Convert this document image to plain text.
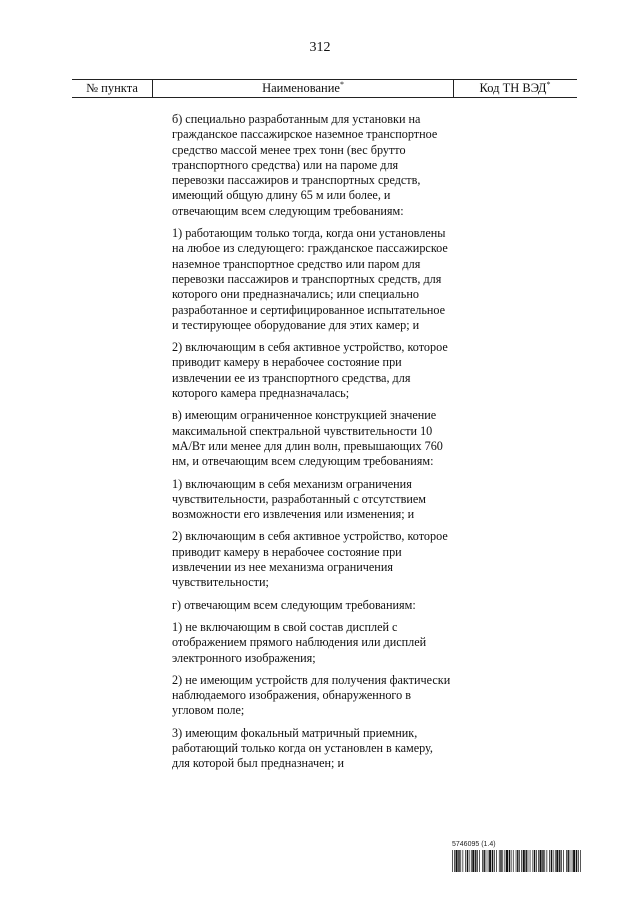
312
№ пункта	Наименование*	Код ТН ВЭД*

б) специально разработанным для установки на гражданское пассажирское наземное транспортное средство массой менее трех тонн (вес брутто транспортного средства) или на пароме для перевозки пассажиров и транспортных средств, имеющий общую длину 65 м или более, и отвечающим всем следующим требованиям:

1) работающим только тогда, когда они установлены на любое из следующего: гражданское пассажирское наземное транспортное средство или паром для перевозки пассажиров и транспортных средств, для которого они предназначались; или специально разработанное и сертифицированное испытательное и тестирующее оборудование для этих камер; и

2) включающим в себя активное устройство, которое приводит камеру в нерабочее состояние при извлечении ее из транспортного средства, для которого камера предназначалась;

в) имеющим ограниченное конструкцией значение максимальной спектральной чувствительности 10 мА/Вт или менее для длин волн, превышающих 760 нм, и отвечающим всем следующим требованиям:

1) включающим в себя механизм ограничения чувствительности, разработанный с отсутствием возможности его извлечения или изменения; и

2) включающим в себя активное устройство, которое приводит камеру в нерабочее состояние при извлечении из нее механизма ограничения чувствительности;

г) отвечающим всем следующим требованиям:

1) не включающим в свой состав дисплей с отображением прямого наблюдения или дисплей электронного изображения;

2) не имеющим устройств для получения фактически наблюдаемого изображения, обнаруженного в угловом поле;

3) имеющим фокальный матричный приемник, работающий только когда он установлен в камеру, для которой был предназначен; и

5746095 (1.4)
